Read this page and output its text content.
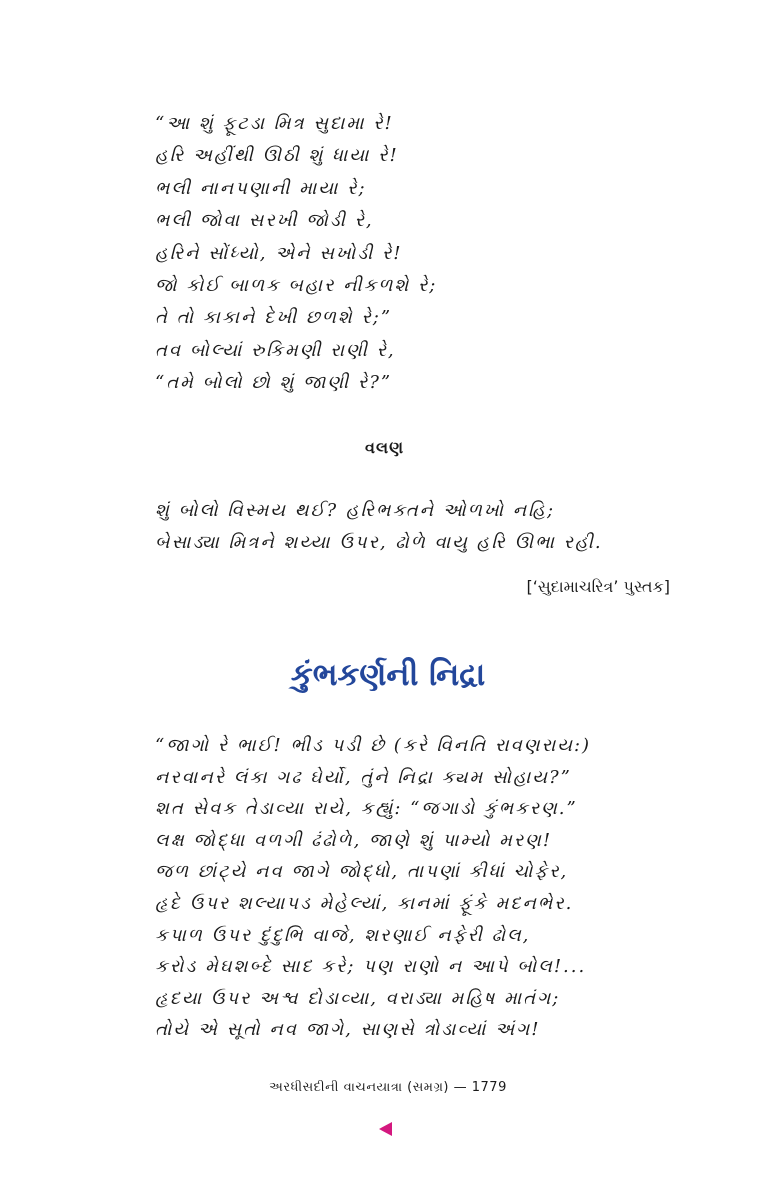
“આ શું ફૂટડા મિત્ર સુદામા રે!
હરિ અહીંથી ઊઠી શું ધાયા રે!
ભલી નાનપણાની માયા રે;
ભલી જોવા સરખી જોડી રે,
હરિને સોંધ્યો, એને સખોડી રે!
જો કોઈ બાળક બહાર નીકળશે રે;
તે તો કાકાને દેખી છળશે રે;”
તવ બોલ્યાં રુકિમણી રાણી રે,
“તમે બોલો છો શું જાણી રે?”
વલણ
શું બોલો વિસ્મય થઈ? હરિભક્તને ઓળખો નહિ;
બેસાડ્યા મિત્રને શય્યા ઉપર, ઢોળે વાયુ હરિ ઊભા રહી.
[‘સુદામાચરિત્ર’ પુસ્તક]
કુંભકર્ણની નિદ્રા
“જાગો રે ભાઈ! ભીડ પડી છે (કરે વિનતિ રાવણરાય:)
નરવાનરે લંકા ગઢ ઘેર્યો, તુંને નિદ્રા ક્યમ સોહાય?”
શત સેવક તેડાવ્યા રાયે, કહ્યું: “જગાડો કુંભકરણ.”
લક્ષ જોદ્ધા વળગી ઢંઢોળે, જાણે શું પામ્યો મરણ!
જળ છાંટ્યે નવ જાગે જોદ્ધો, તાપણાં કીધાં ચોફેર,
હૃદે ઉપર શલ્યાપડ મેહેલ્યાં, કાનમાં ફૂંકે મદનભેર.
કપાળ ઉપર દુંદુભિ વાજે, શરણાઈ નફેરી ઢોલ,
કરોડ મેઘશબ્દે સાદ કરે; પણ રાણો ન આપે બોલ!...
હૃદયા ઉપર અશ્વ દોડાવ્યા, વરાડ્યા મહિષ માતંગ;
તોયે એ સૂતો નવ જાગે, સાણસે ત્રોડાવ્યાં અંગ!
અરધીસદીની વાચનયાત્રા (સમગ્ર) — 1779
